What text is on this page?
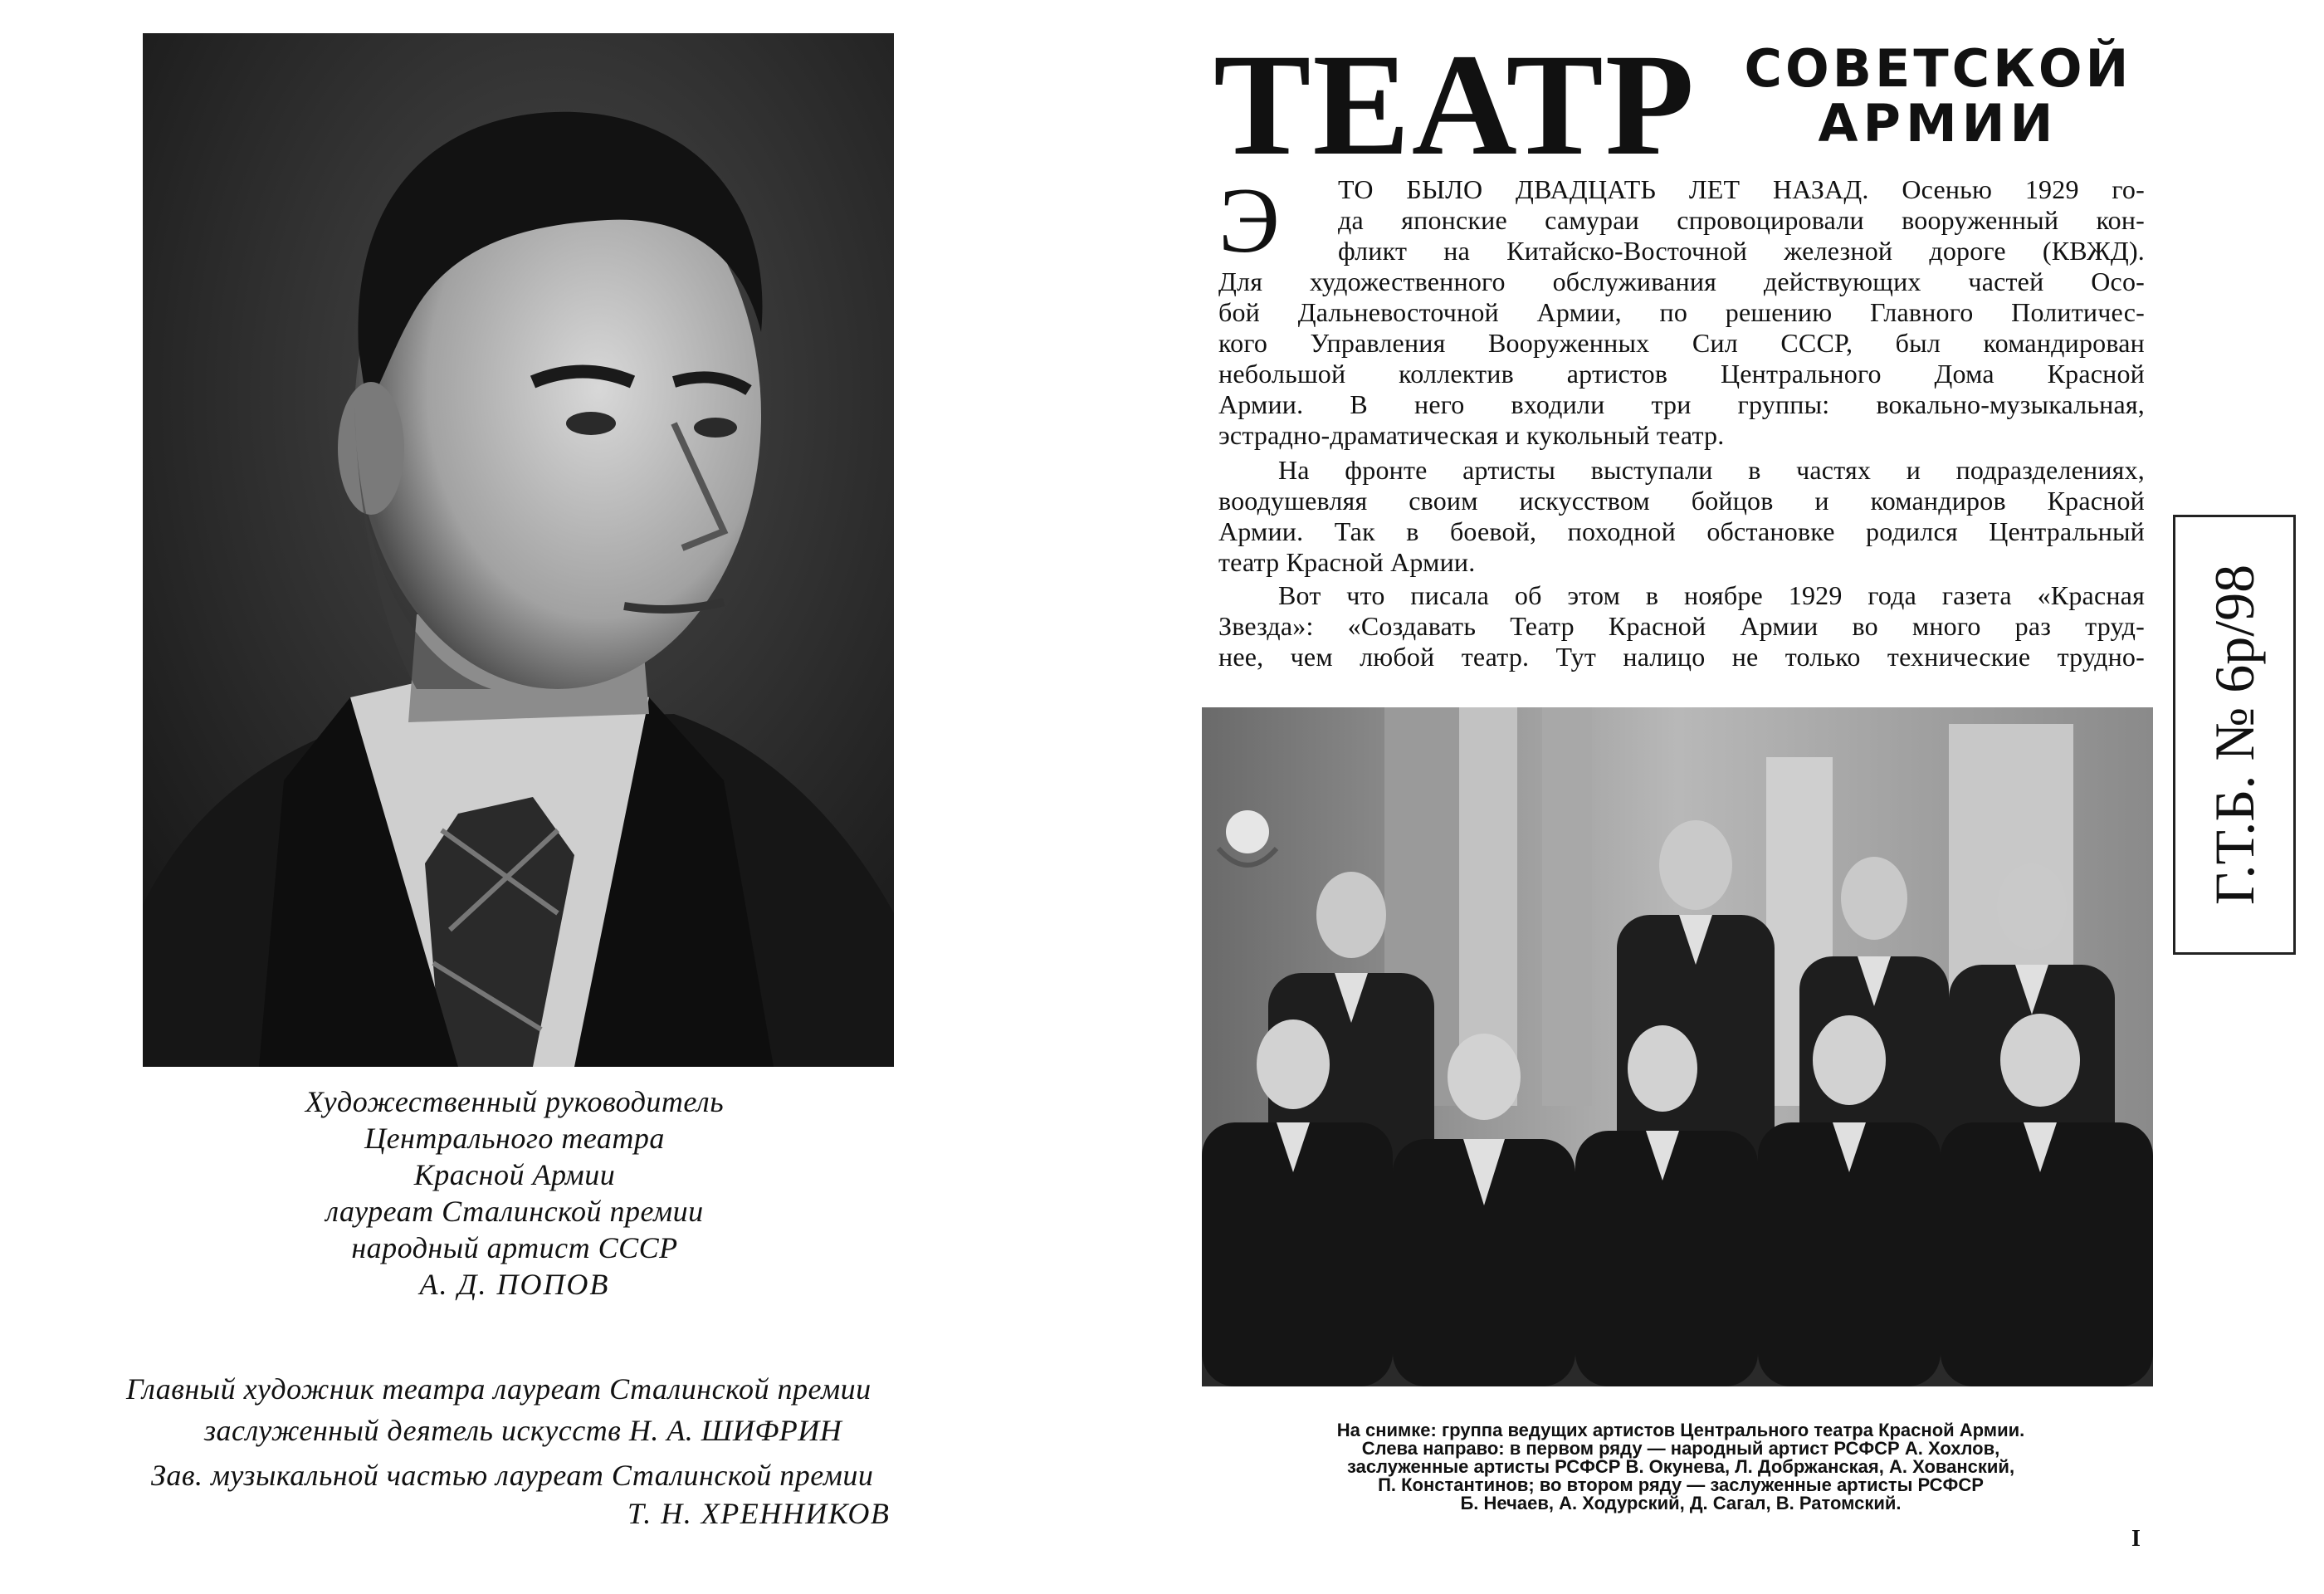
Художественный руководитель
Центрального театра
Красной Армии
лауреат Сталинской премии
народный артист СССР
А. Д. ПОПОВ
Главный художник театра лауреат Сталинской премии
заслуженный деятель искусств Н. А. ШИФРИН
Зав. музыкальной частью лауреат Сталинской премии
Т. Н. ХРЕННИКОВ
ТЕАТР СОВЕТСКОЙ
АРМИИ
Э ТО БЫЛО ДВАДЦАТЬ ЛЕТ НАЗАД. Осенью 1929 го-
да японские самураи спровоцировали вооруженный кон-
фликт на Китайско-Восточной железной дороге (КВЖД).
Для художественного обслуживания действующих частей Осо-
бой Дальневосточной Армии, по решению Главного Политичес-
кого Управления Вооруженных Сил СССР, был командирован
небольшой коллектив артистов Центрального Дома Красной
Армии. В него входили три группы: вокально-музыкальная,
эстрадно-драматическая и кукольный театр.
На фронте артисты выступали в частях и подразделениях,
воодушевляя своим искусством бойцов и командиров Красной
Армии. Так в боевой, походной обстановке родился Центральный
театр Красной Армии.
Вот что писала об этом в ноябре 1929 года газета «Красная
Звезда»: «Создавать Театр Красной Армии во много раз труд-
нее, чем любой театр. Тут налицо не только технические трудно-
На снимке: группа ведущих артистов Центрального театра Красной Армии.
Слева направо: в первом ряду — народный артист РСФСР А. Хохлов,
заслуженные артисты РСФСР В. Окунева, Л. Добржанская, А. Хованский,
П. Константинов; во втором ряду — заслуженные артисты РСФСР
Б. Нечаев, А. Ходурский, Д. Сагал, В. Ратомский.
I
Г.Т.Б. № 6р/98
